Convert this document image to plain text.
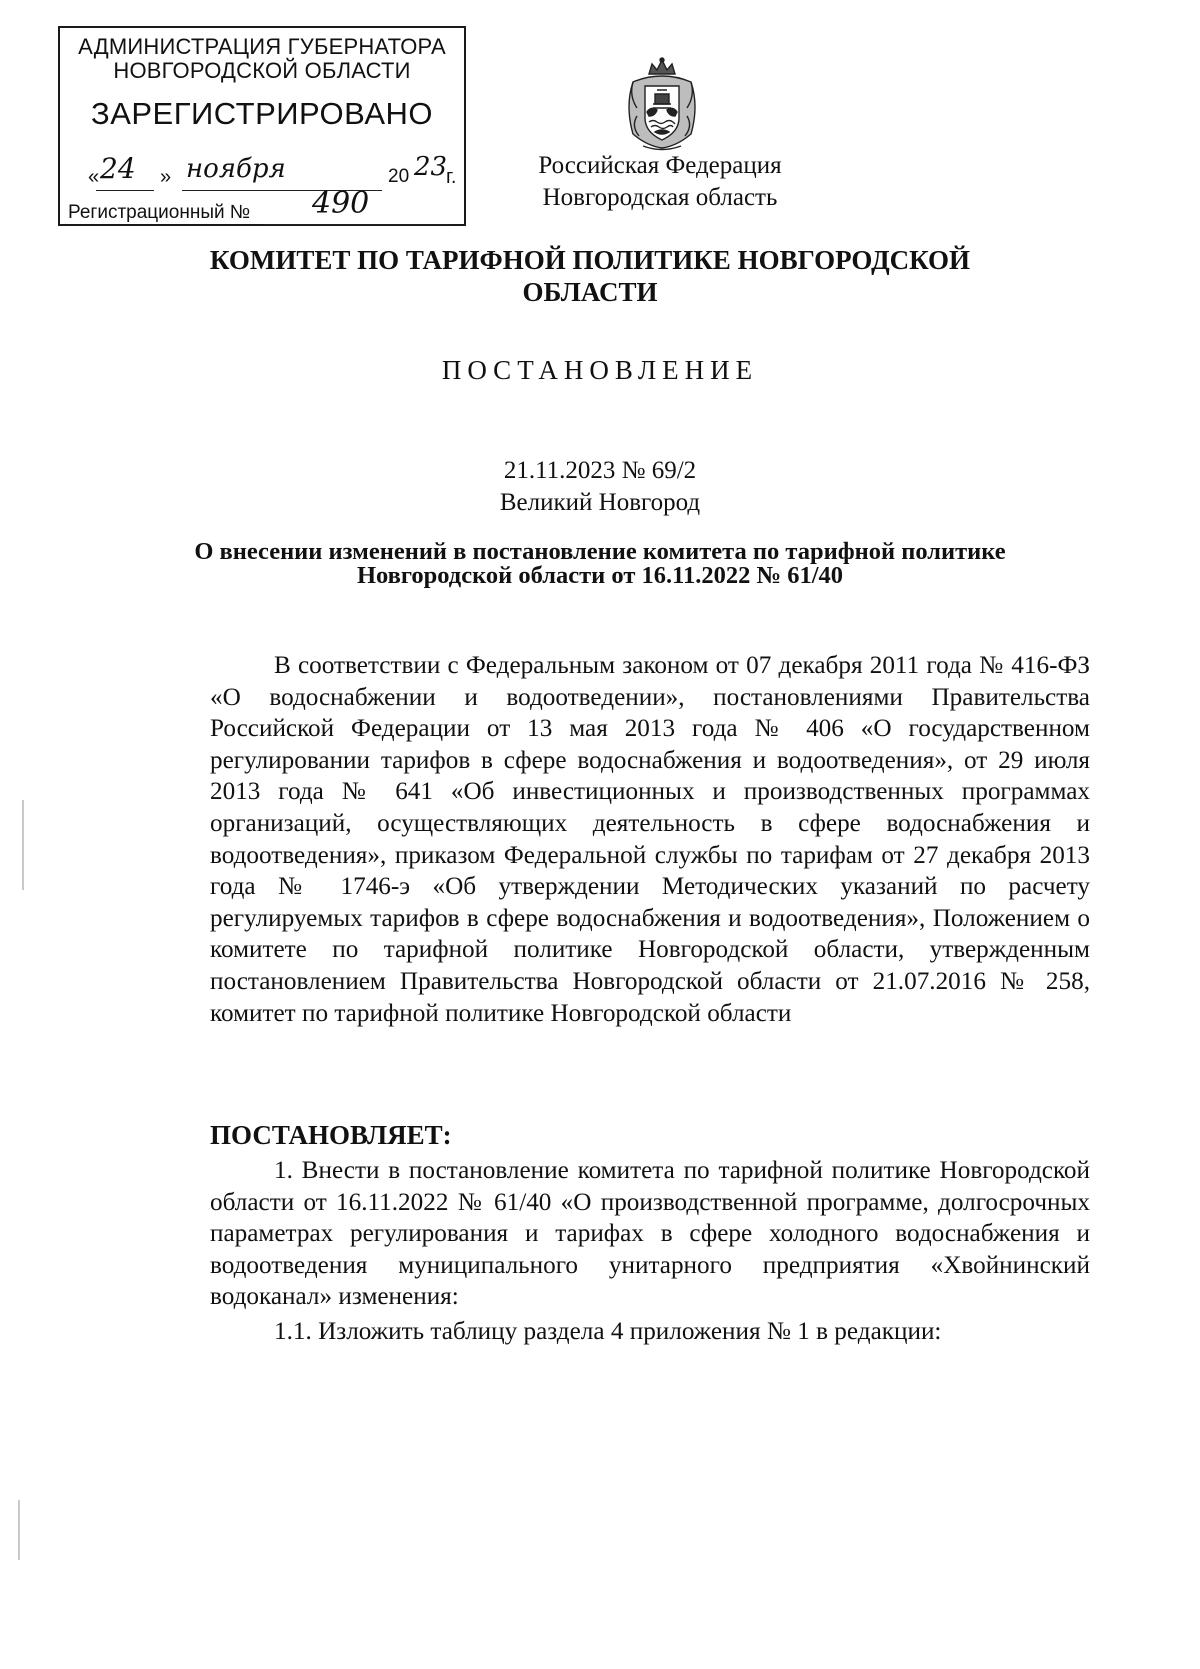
АДМИНИСТРАЦИЯ ГУБЕРНАТОРА
НОВГОРОДСКОЙ ОБЛАСТИ
ЗАРЕГИСТРИРОВАНО
« 24 » ноября	20 23
г.
Регистрационный № 490
Российская Федерация
Новгородская область
КОМИТЕТ ПО ТАРИФНОЙ ПОЛИТИКЕ НОВГОРОДСКОЙ
ОБЛАСТИ
ПОСТАНОВЛЕНИЕ
21.11.2023 № 69/2
Великий Новгород
О внесении изменений в постановление комитета по тарифной политике
Новгородской области от 16.11.2022 № 61/40

В соответствии с Федеральным законом от 07 декабря 2011 года № 416-ФЗ «О водоснабжении и водоотведении», постановлениями Правительства Российской Федерации от 13 мая 2013 года № 406 «О государственном регулировании тарифов в сфере водоснабжения и водоотведения», от 29 июля 2013 года № 641 «Об инвестиционных и производственных программах организаций, осуществляющих деятельность в сфере водоснабжения и водоотведения», приказом Федеральной службы по тарифам от 27 декабря 2013 года № 1746-э «Об утверждении Методических указаний по расчету регулируемых тарифов в сфере водоснабжения и водоотведения», Положением о комитете по тарифной политике Новгородской области, утвержденным постановлением Правительства Новгородской области от 21.07.2016 № 258, комитет по тарифной политике Новгородской области

ПОСТАНОВЛЯЕТ:

1. Внести в постановление комитета по тарифной политике Новгородской области от 16.11.2022 № 61/40 «О производственной программе, долгосрочных параметрах регулирования и тарифах в сфере холодного водоснабжения и водоотведения муниципального унитарного предприятия «Хвойнинский водоканал» изменения:

1.1. Изложить таблицу раздела 4 приложения № 1 в редакции:
